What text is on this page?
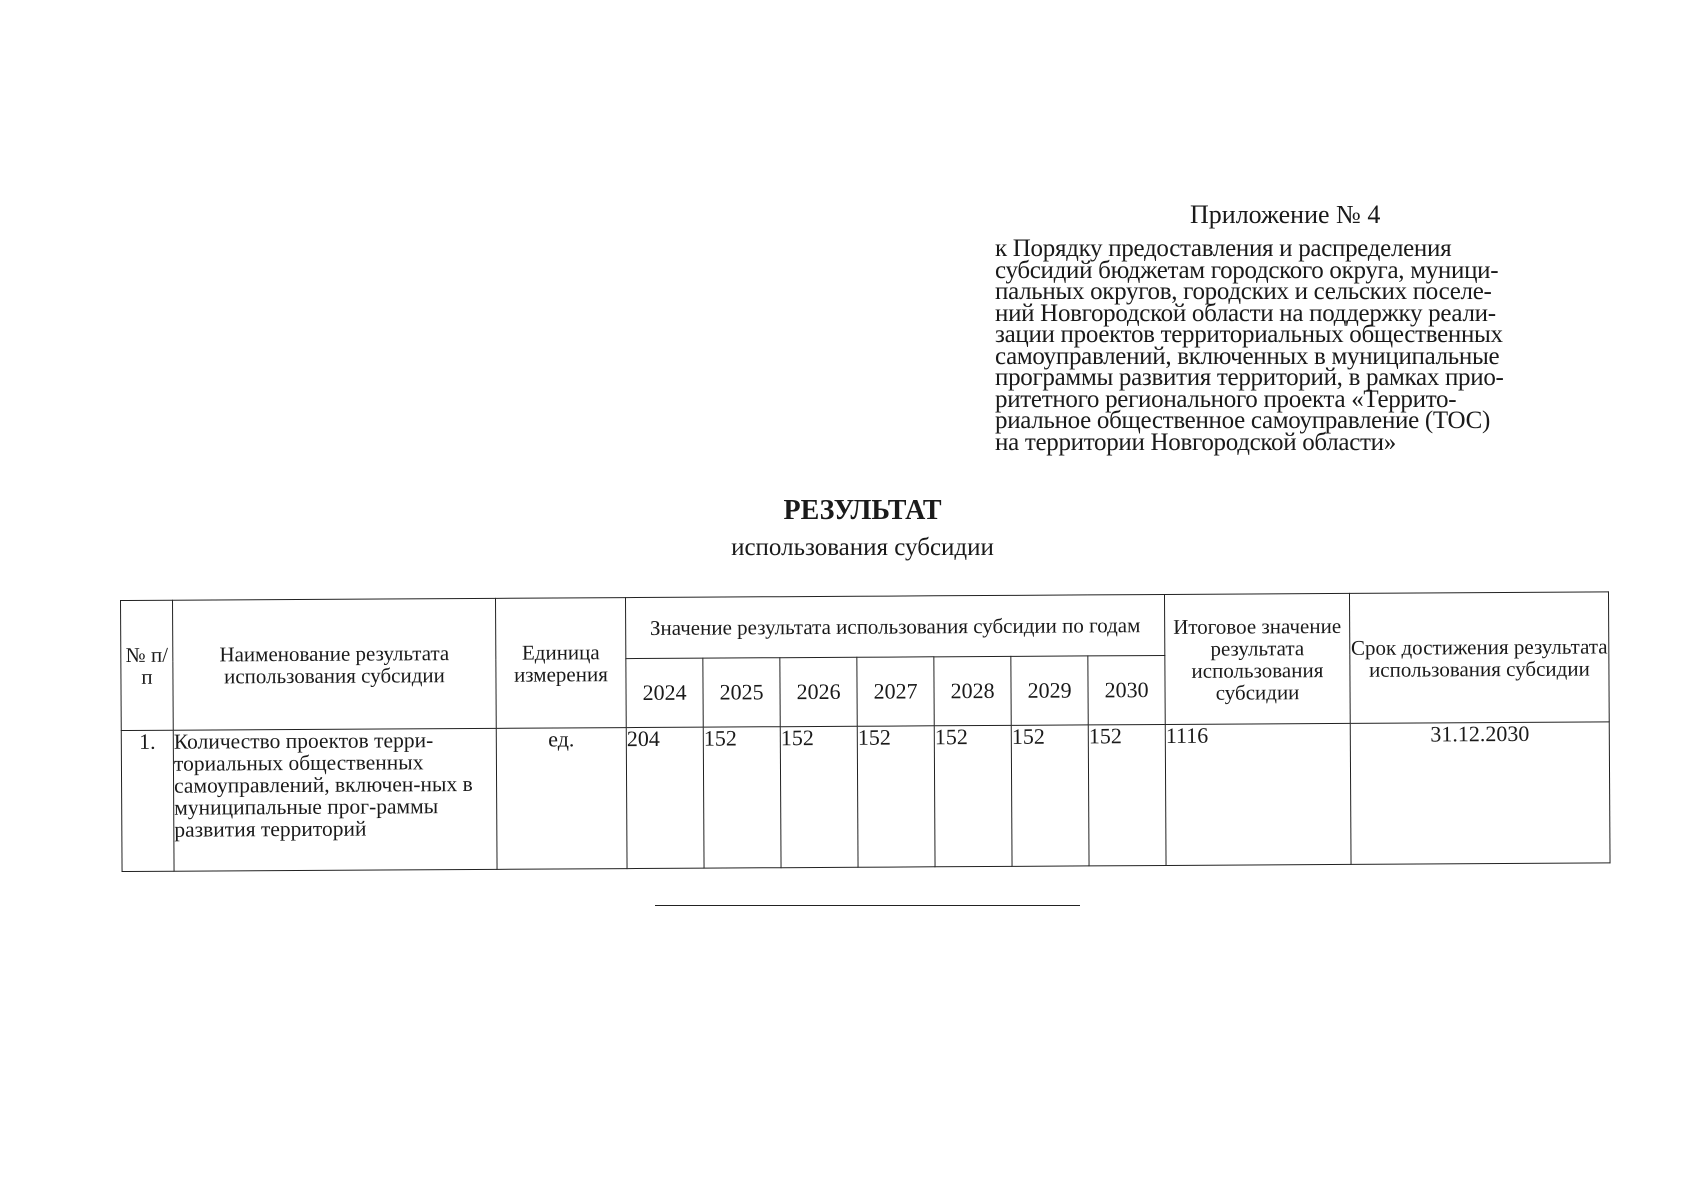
Приложение № 4
к Порядку предоставления и распределения
субсидий бюджетам городского округа, муници-
пальных округов, городских и сельских поселе-
ний Новгородской области на поддержку реали-
зации проектов территориальных общественных
самоуправлений, включенных в муниципальные
программы развития территорий, в рамках прио-
ритетного регионального проекта «Террито-
риальное общественное самоуправление (ТОС)
на территории Новгородской области»
РЕЗУЛЬТАТ
использования субсидии
№ п/п	Наименование результата использования субсидии	Единица измерения	Значение результата использования субсидии по годам							Итоговое значение результата использования субсидии	Срок достижения результата использования субсидии
			2024	2025	2026	2027	2028	2029	2030		
1.	Количество проектов терри-ториальных общественных самоуправлений, включен-ных в муниципальные прог-раммы развития территорий	ед.	204	152	152	152	152	152	152	1116	31.12.2030
